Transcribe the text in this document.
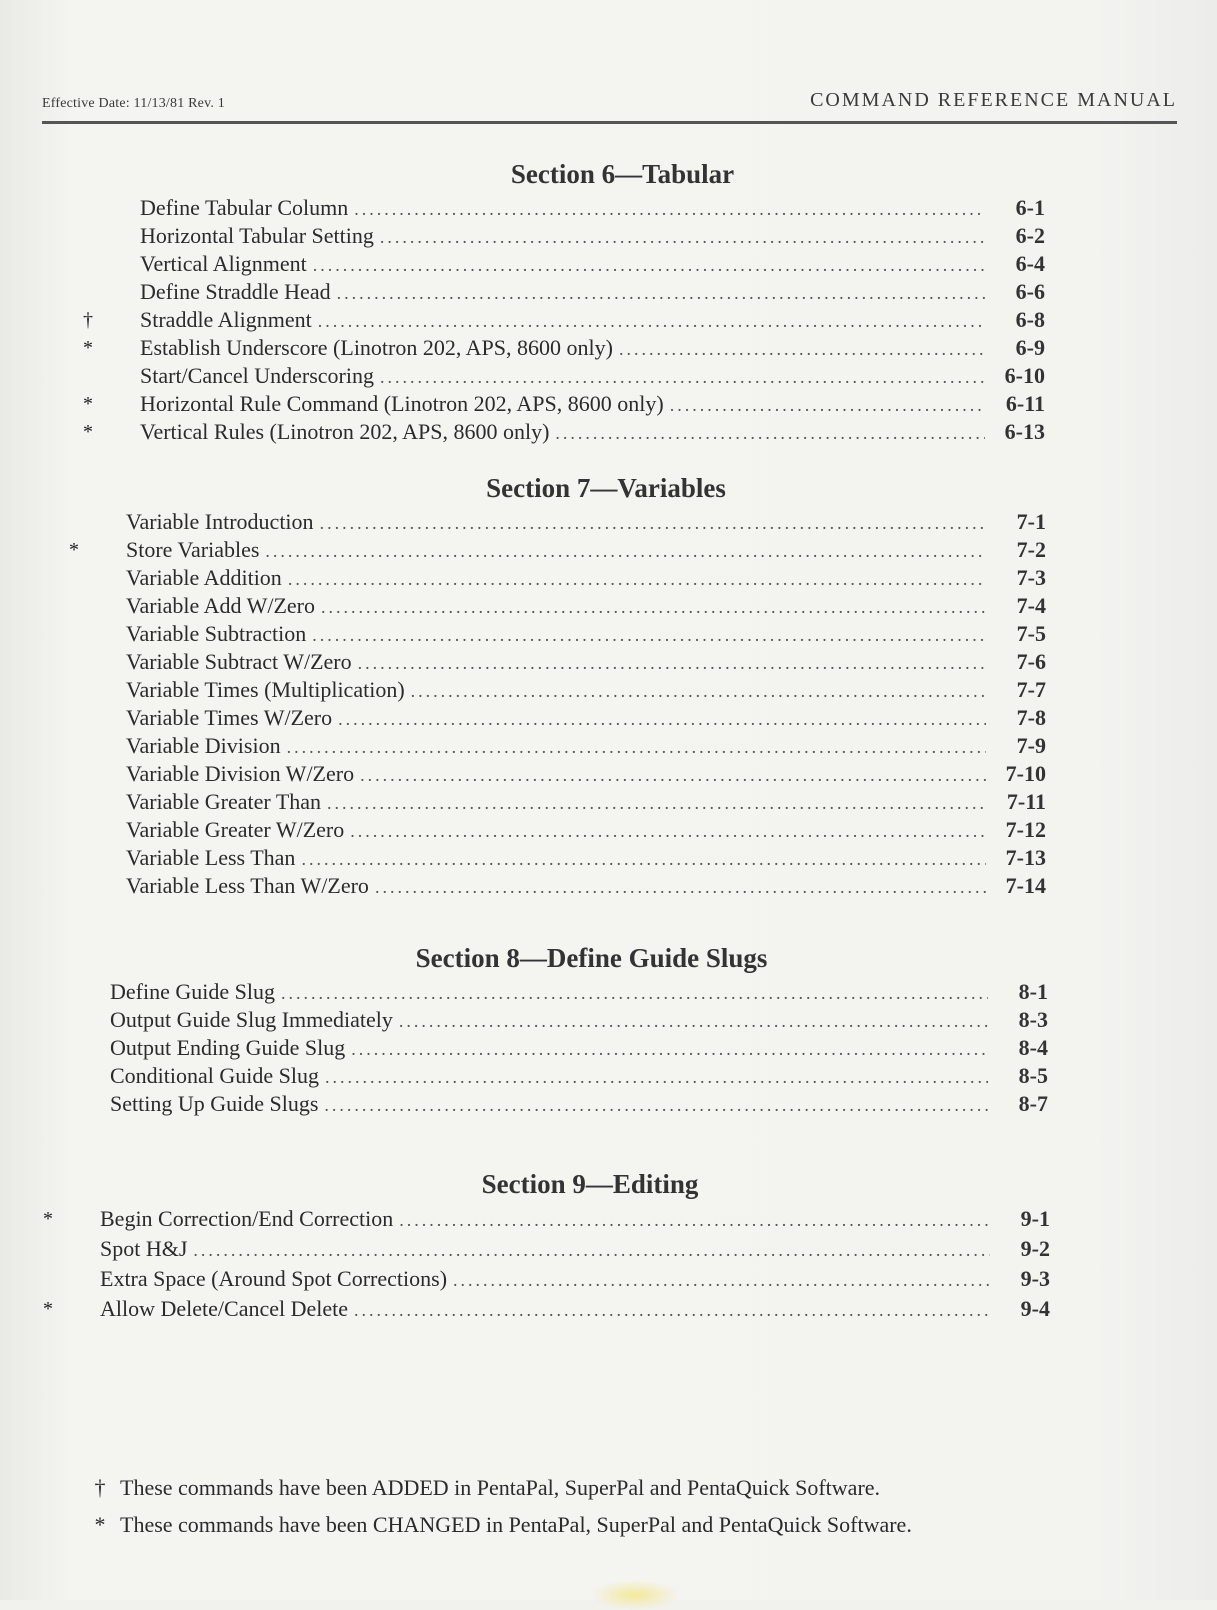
Effective Date: 11/13/81 Rev. 1	COMMAND REFERENCE MANUAL
Section 6—Tabular
Define Tabular Column .....	6-1
Horizontal Tabular Setting .....	6-2
Vertical Alignment .....	6-4
Define Straddle Head .....	6-6
† Straddle Alignment .....	6-8
* Establish Underscore (Linotron 202, APS, 8600 only) .....	6-9
Start/Cancel Underscoring .....	6-10
* Horizontal Rule Command (Linotron 202, APS, 8600 only) .....	6-11
* Vertical Rules (Linotron 202, APS, 8600 only) .....	6-13
Section 7—Variables
Variable Introduction .....	7-1
* Store Variables .....	7-2
Variable Addition .....	7-3
Variable Add W/Zero .....	7-4
Variable Subtraction .....	7-5
Variable Subtract W/Zero .....	7-6
Variable Times (Multiplication) .....	7-7
Variable Times W/Zero .....	7-8
Variable Division .....	7-9
Variable Division W/Zero .....	7-10
Variable Greater Than .....	7-11
Variable Greater W/Zero .....	7-12
Variable Less Than .....	7-13
Variable Less Than W/Zero .....	7-14
Section 8—Define Guide Slugs
Define Guide Slug .....	8-1
Output Guide Slug Immediately .....	8-3
Output Ending Guide Slug .....	8-4
Conditional Guide Slug .....	8-5
Setting Up Guide Slugs .....	8-7
Section 9—Editing
* Begin Correction/End Correction .....	9-1
Spot H&J .....	9-2
Extra Space (Around Spot Corrections) .....	9-3
* Allow Delete/Cancel Delete .....	9-4
† These commands have been ADDED in PentaPal, SuperPal and PentaQuick Software.
* These commands have been CHANGED in PentaPal, SuperPal and PentaQuick Software.
